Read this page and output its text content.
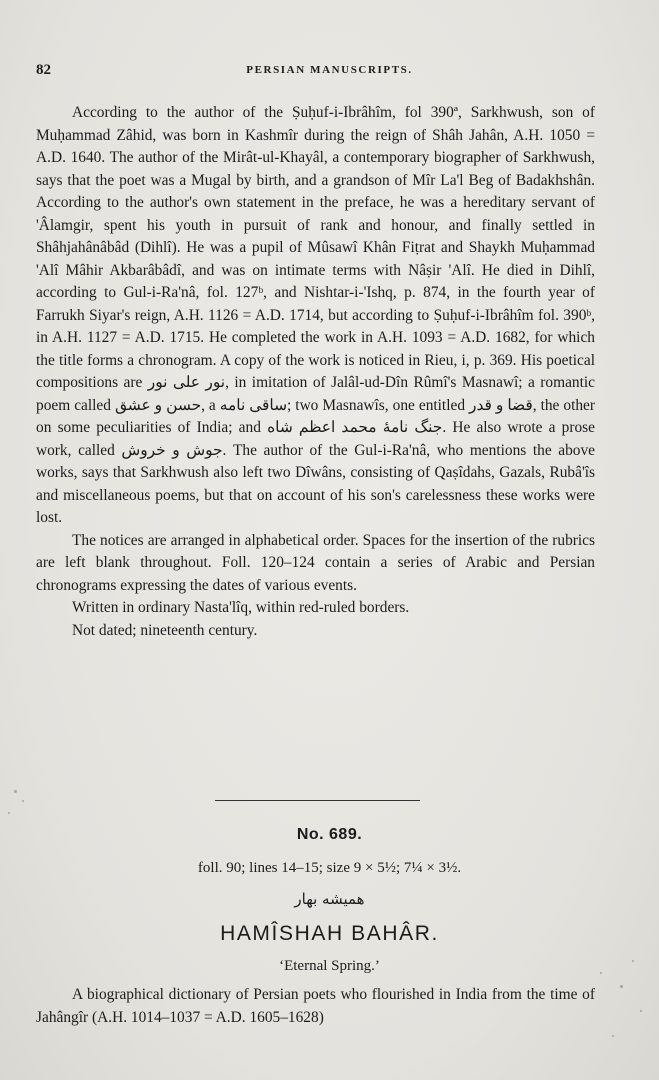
82	PERSIAN MANUSCRIPTS.

According to the author of the Ṣuḥuf-i-Ibrâhîm, fol 390ª, Sarkhwush, son of Muḥammad Zâhid, was born in Kashmîr during the reign of Shâh Jahân, A.H. 1050 = A.D. 1640. The author of the Mirât-ul-Khayâl, a contemporary biographer of Sarkhwush, says that the poet was a Mugal by birth, and a grandson of Mîr La'l Beg of Badakhshân. According to the author's own statement in the preface, he was a hereditary servant of 'Âlamgir, spent his youth in pursuit of rank and honour, and finally settled in Shâhjahânâbâd (Dihlî). He was a pupil of Mûsawî Khân Fiṭrat and Shaykh Muḥammad 'Alî Mâhir Akbarâbâdî, and was on intimate terms with Nâṣir 'Alî. He died in Dihlî, according to Gul-i-Ra'nâ, fol. 127ᵇ, and Nishtar-i-'Ishq, p. 874, in the fourth year of Farrukh Siyar's reign, A.H. 1126 = A.D. 1714, but according to Ṣuḥuf-i-Ibrâhîm fol. 390ᵇ, in A.H. 1127 = A.D. 1715. He completed the work in A.H. 1093 = A.D. 1682, for which the title forms a chronogram. A copy of the work is noticed in Rieu, i, p. 369. His poetical compositions are نور على نور, in imitation of Jalâl-ud-Dîn Rûmî's Masnawî; a romantic poem called حسن و عشق, a ساقى نامه; two Masnawîs, one entitled قضا و قدر, the other on some peculiarities of India; and جنگ نامۀ محمد اعظم شاه. He also wrote a prose work, called جوش و خروش. The author of the Gul-i-Ra'nâ, who mentions the above works, says that Sarkhwush also left two Dîwâns, consisting of Qaṣîdahs, Gazals, Rubâ'îs and miscellaneous poems, but that on account of his son's carelessness these works were lost.

The notices are arranged in alphabetical order. Spaces for the insertion of the rubrics are left blank throughout. Foll. 120–124 contain a series of Arabic and Persian chronograms expressing the dates of various events.

Written in ordinary Nasta'lîq, within red-ruled borders.

Not dated; nineteenth century.

No. 689.
foll. 90; lines 14–15; size 9 × 5½; 7¼ × 3½.
همیشه بهار
HAMÎSHAH BAHÂR.
‘Eternal Spring.’
A biographical dictionary of Persian poets who flourished in India from the time of Jahângîr (A.H. 1014–1037 = A.D. 1605–1628)
